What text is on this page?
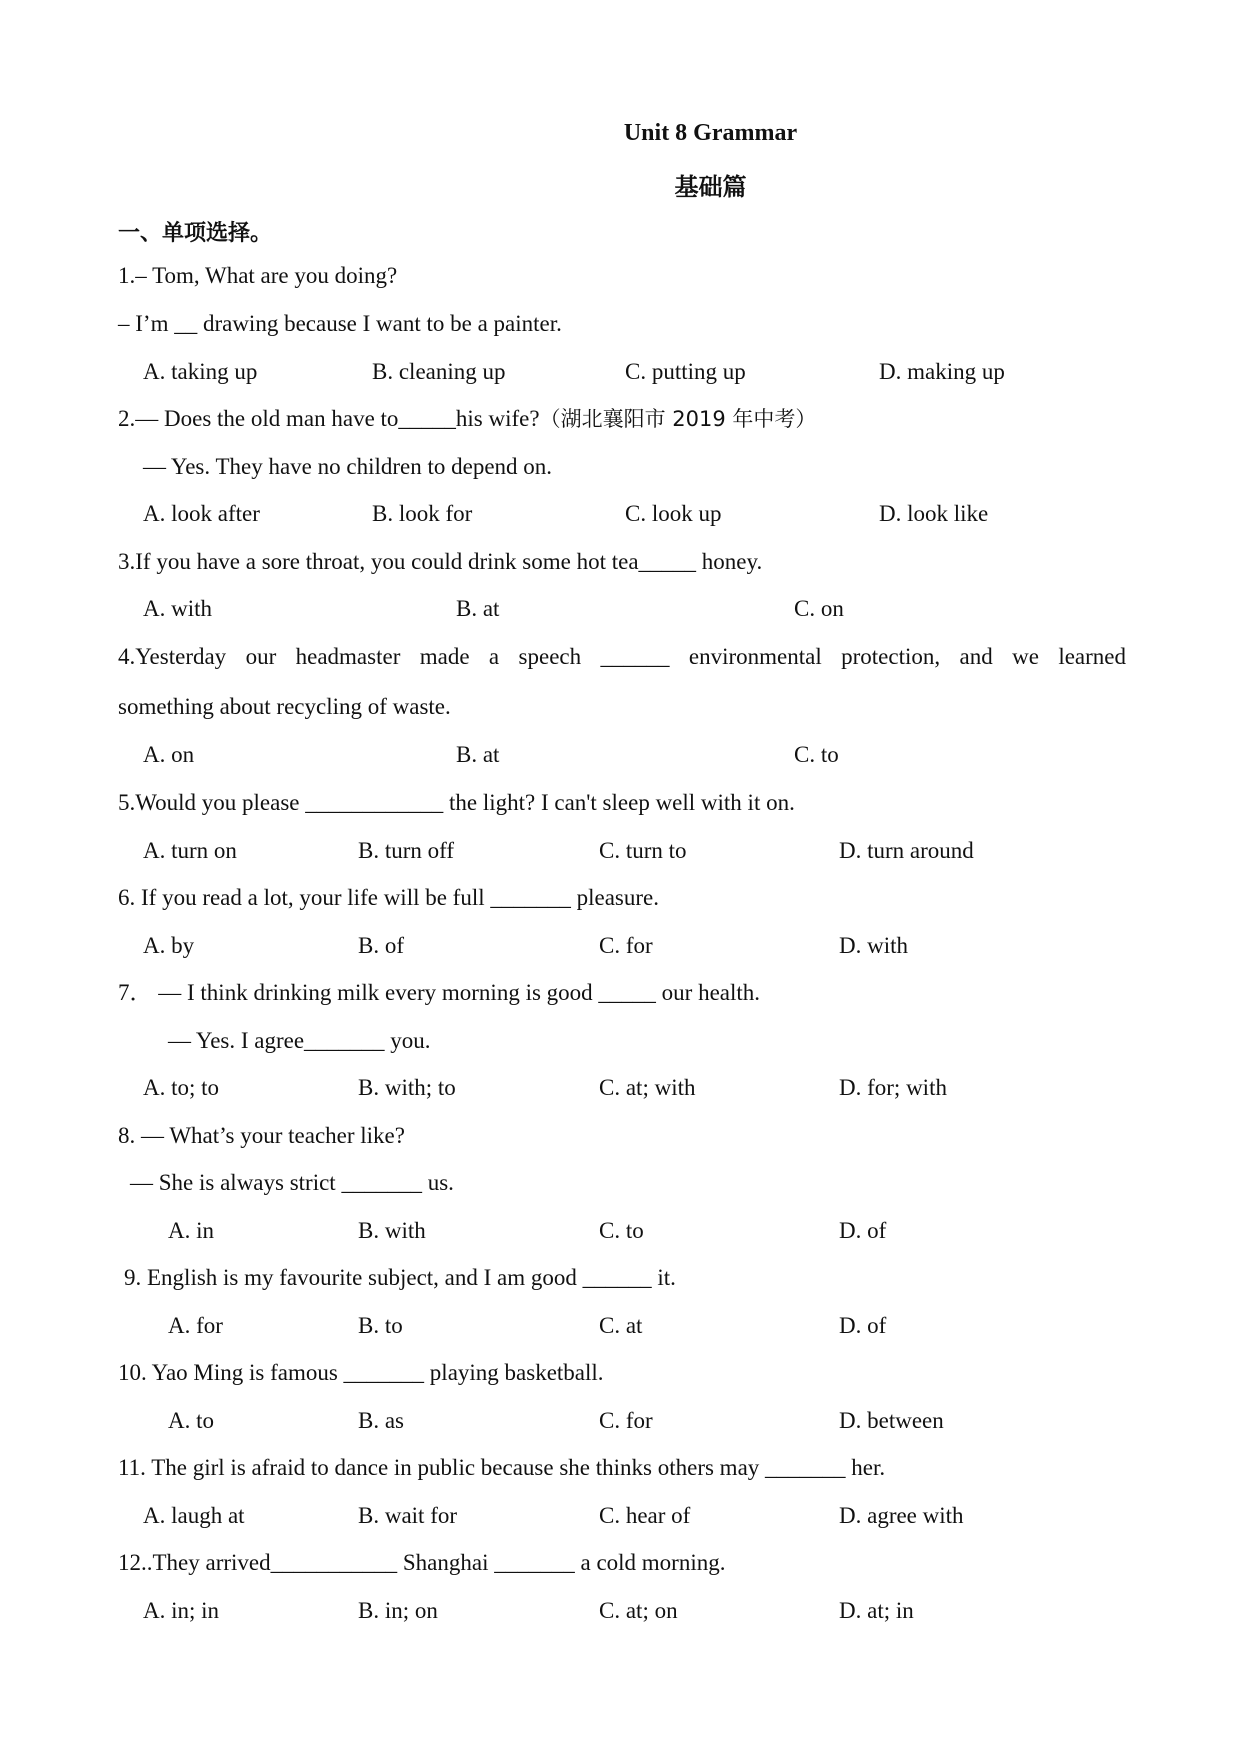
Unit 8 Grammar
基础篇
一、单项选择。
1.– Tom, What are you doing?
– I’m __ drawing because I want to be a painter.
A. taking up	B. cleaning up	C. putting up	D. making up
2.— Does the old man have to_____his wife?（湖北襄阳市 2019 年中考）
— Yes. They have no children to depend on.
A. look after	B. look for	C. look up	D. look like
3.If you have a sore throat, you could drink some hot tea_____ honey.
A. with	B. at	C. on
4.Yesterday our headmaster made a speech ______ environmental protection, and we learned
something about recycling of waste.
A. on	B. at	C. to
5.Would you please ____________ the light? I can't sleep well with it on.
A. turn on	B. turn off	C. turn to	D. turn around
6. If you read a lot, your life will be full _______ pleasure.
A. by	B. of	C. for	D. with
7． — I think drinking milk every morning is good _____ our health.
— Yes. I agree_______ you.
A. to; to	B. with; to	C. at; with	D. for; with
8. — What’s your teacher like?
— She is always strict _______ us.
A. in	B. with	C. to	D. of
9. English is my favourite subject, and I am good ______ it.
A. for	B. to	C. at	D. of
10. Yao Ming is famous _______ playing basketball.
A. to	B. as	C. for	D. between
11. The girl is afraid to dance in public because she thinks others may _______ her.
A. laugh at	B. wait for	C. hear of	D. agree with
12..They arrived___________ Shanghai _______ a cold morning.
A. in; in	B. in; on	C. at; on	D. at; in
